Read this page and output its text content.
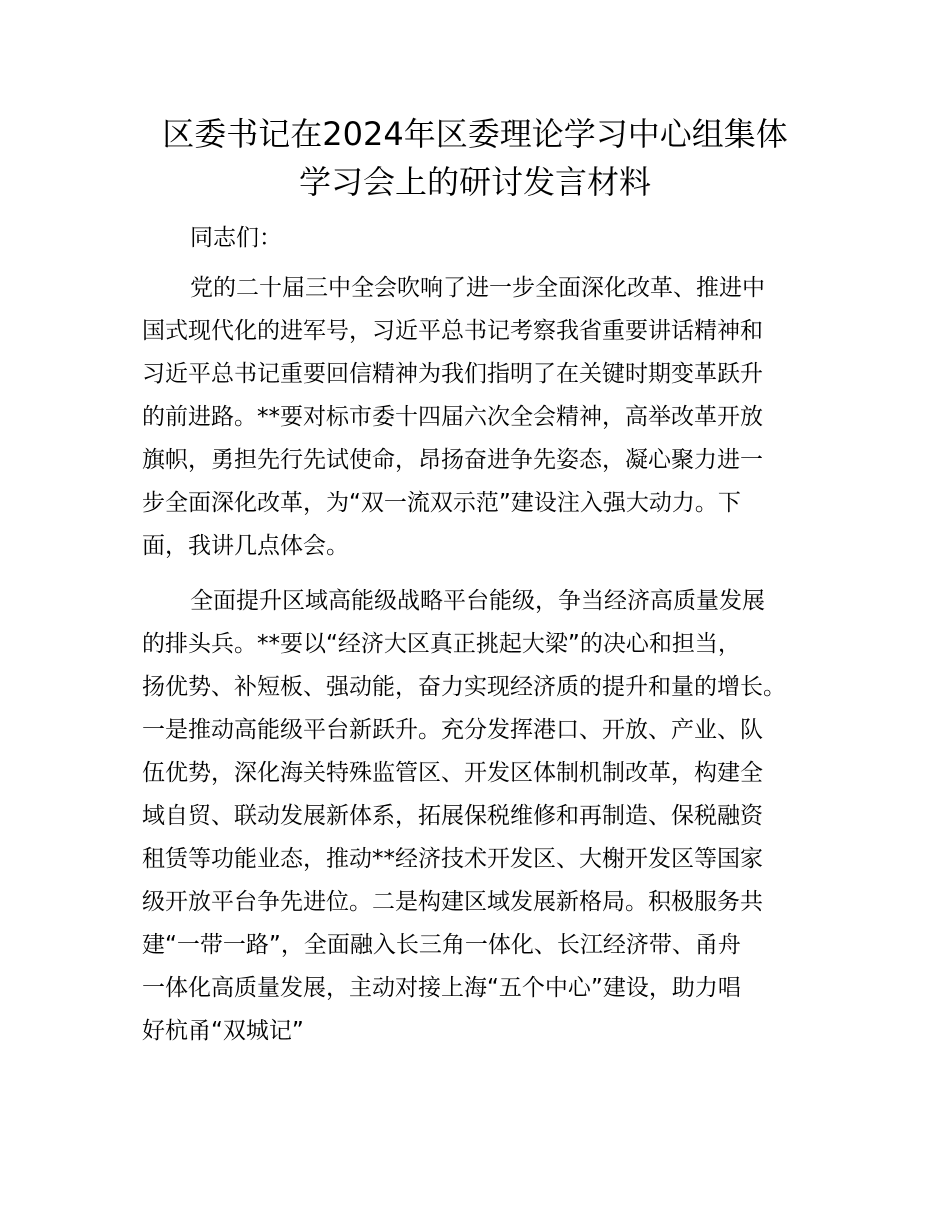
区委书记在2024年区委理论学习中心组集体
学习会上的研讨发言材料

同志们：

党的二十届三中全会吹响了进一步全面深化改革、推进中

国式现代化的进军号，习近平总书记考察我省重要讲话精神和

习近平总书记重要回信精神为我们指明了在关键时期变革跃升

的前进路。**要对标市委十四届六次全会精神，高举改革开放

旗帜，勇担先行先试使命，昂扬奋进争先姿态，凝心聚力进一

步全面深化改革，为“双一流双示范”建设注入强大动力。下

面，我讲几点体会。

全面提升区域高能级战略平台能级，争当经济高质量发展

的排头兵。**要以“经济大区真正挑起大梁”的决心和担当，

扬优势、补短板、强动能，奋力实现经济质的提升和量的增长。

一是推动高能级平台新跃升。充分发挥港口、开放、产业、队

伍优势，深化海关特殊监管区、开发区体制机制改革，构建全

域自贸、联动发展新体系，拓展保税维修和再制造、保税融资

租赁等功能业态，推动**经济技术开发区、大榭开发区等国家

级开放平台争先进位。二是构建区域发展新格局。积极服务共

建“一带一路”，全面融入长三角一体化、长江经济带、甬舟

一体化高质量发展，主动对接上海“五个中心”建设，助力唱

好杭甬“双城记”
